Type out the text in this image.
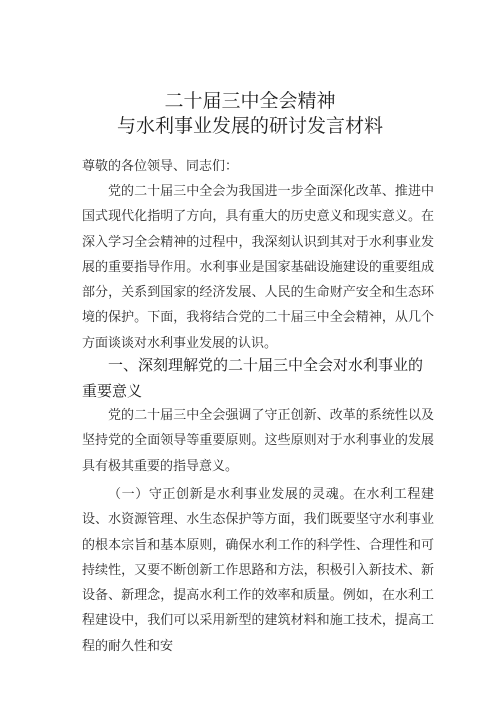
二十届三中全会精神
与水利事业发展的研讨发言材料

尊敬的各位领导、同志们：

党的二十届三中全会为我国进一步全面深化改革、推进中国式现代化指明了方向，具有重大的历史意义和现实意义。在深入学习全会精神的过程中，我深刻认识到其对于水利事业发展的重要指导作用。水利事业是国家基础设施建设的重要组成部分，关系到国家的经济发展、人民的生命财产安全和生态环境的保护。下面，我将结合党的二十届三中全会精神，从几个方面谈谈对水利事业发展的认识。

一、深刻理解党的二十届三中全会对水利事业的重要意义

党的二十届三中全会强调了守正创新、改革的系统性以及坚持党的全面领导等重要原则。这些原则对于水利事业的发展具有极其重要的指导意义。

（一）守正创新是水利事业发展的灵魂。在水利工程建设、水资源管理、水生态保护等方面，我们既要坚守水利事业的根本宗旨和基本原则，确保水利工作的科学性、合理性和可持续性，又要不断创新工作思路和方法，积极引入新技术、新设备、新理念，提高水利工作的效率和质量。例如，在水利工程建设中，我们可以采用新型的建筑材料和施工技术，提高工程的耐久性和安
